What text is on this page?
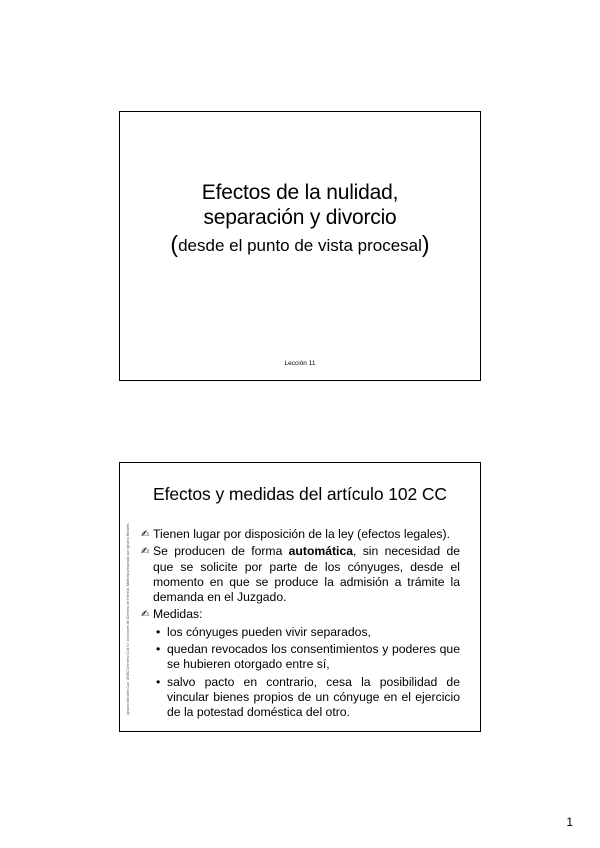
Efectos de la nulidad,
separación y divorcio
(desde el punto de vista procesal)
Lección 11
Efectos y medidas del artículo 102 CC
Ignacio Morales Cuz. UNED Derecho Civil IV: Lecciones de Derecho de Familia. Material preparado por Ignacio Morales. ✍ Tienen lugar por disposición de la ley (efectos legales).
✍ Se producen de forma automática, sin necesidad de que se solicite por parte de los cónyuges, desde el momento en que se produce la admisión a trámite la demanda en el Juzgado.
✍ Medidas:
• los cónyuges pueden vivir separados,
• quedan revocados los consentimientos y poderes que se hubieren otorgado entre sí,
• salvo pacto en contrario, cesa la posibilidad de vincular bienes propios de un cónyuge en el ejercicio de la potestad doméstica del otro.
1
